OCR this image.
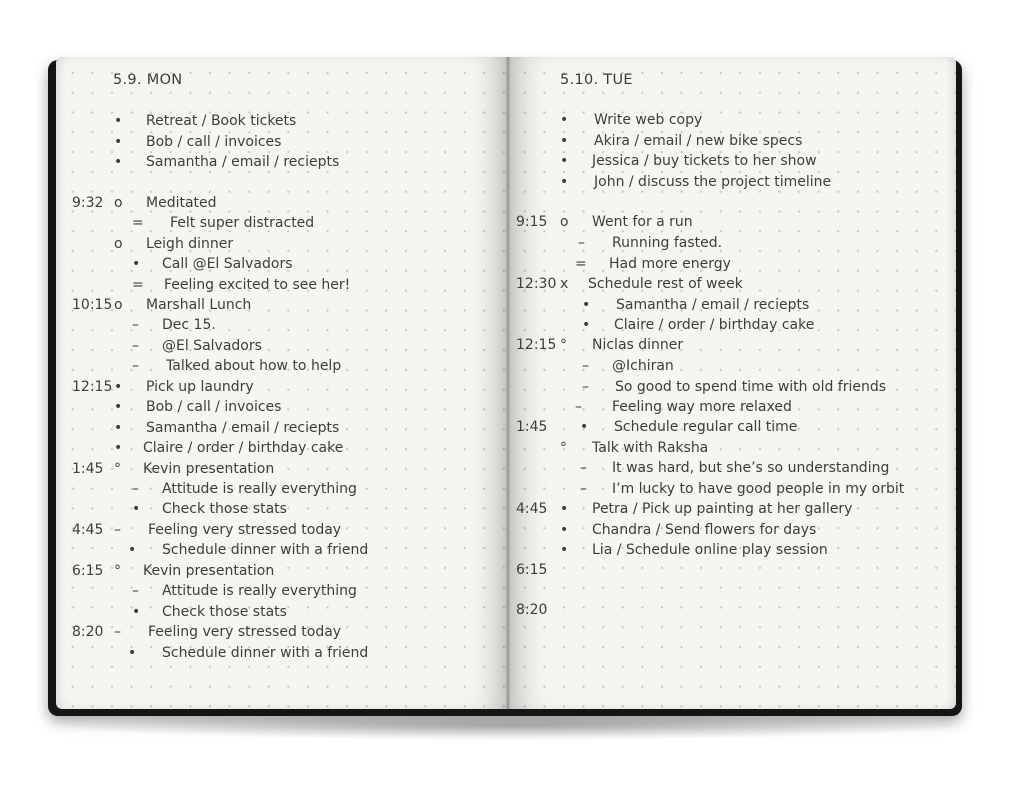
5.9. MON
• Retreat / Book tickets
• Bob / call / invoices
• Samantha / email / reciepts
9:32 o Meditated
= Felt super distracted
o Leigh dinner
• Call @El Salvadors
= Feeling excited to see her!
10:15 o Marshall Lunch
– Dec 15.
– @El Salvadors
– Talked about how to help
12:15 • Pick up laundry
• Bob / call / invoices
• Samantha / email / reciepts
• Claire / order / birthday cake
1:45 ° Kevin presentation
– Attitude is really everything
• Check those stats
4:45 – Feeling very stressed today
• Schedule dinner with a friend
6:15 ° Kevin presentation
– Attitude is really everything
• Check those stats
8:20 – Feeling very stressed today
• Schedule dinner with a friend
5.10. TUE
• Write web copy
• Akira / email / new bike specs
• Jessica / buy tickets to her show
• John / discuss the project timeline
9:15 o Went for a run
– Running fasted.
= Had more energy
12:30 x Schedule rest of week
• Samantha / email / reciepts
• Claire / order / birthday cake
12:15 ° Niclas dinner
– @Ichiran
– So good to spend time with old friends
– Feeling way more relaxed
1:45 • Schedule regular call time
° Talk with Raksha
– It was hard, but she’s so understanding
– I’m lucky to have good people in my orbit
4:45 • Petra / Pick up painting at her gallery
• Chandra / Send flowers for days
• Lia / Schedule online play session
6:15
8:20
